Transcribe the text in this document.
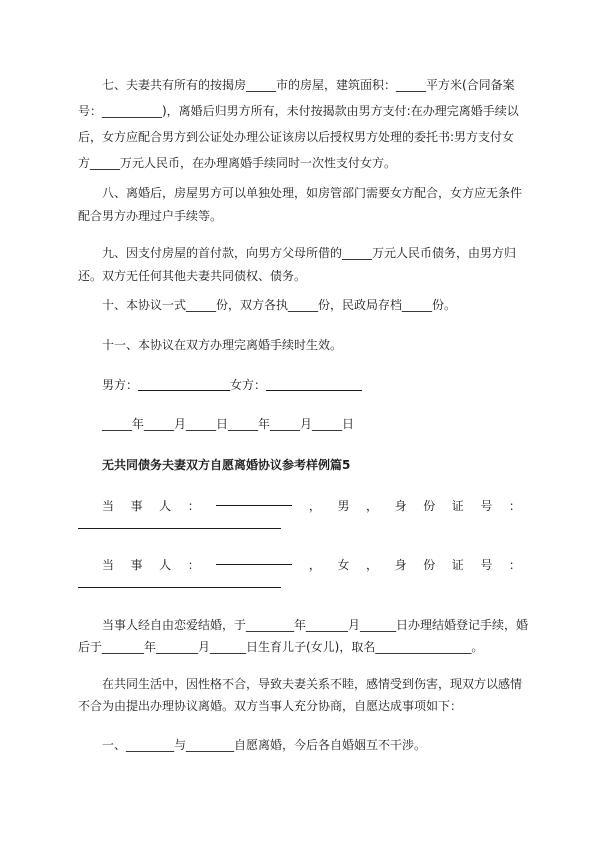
七、夫妻共有所有的按揭房_____市的房屋，建筑面积：_____平方米(合同备案

号：__________)，离婚后归男方所有，未付按揭款由男方支付:在办理完离婚手续以

后，女方应配合男方到公证处办理公证该房以后授权男方处理的委托书:男方支付女

方_____万元人民币，在办理离婚手续同时一次性支付女方。

八、离婚后，房屋男方可以单独处理，如房管部门需要女方配合，女方应无条件

配合男方办理过户手续等。

九、因支付房屋的首付款，向男方父母所借的_____万元人民币债务，由男方归

还。双方无任何其他夫妻共同债权、债务。

十、本协议一式_____份，双方各执_____份，民政局存档_____份。

十一、本协议在双方办理完离婚手续时生效。

男方：	女方：

_____年_____月_____日_____年_____月_____日

无共同债务夫妻双方自愿离婚协议参考样例篇5

当 事 人 ：	， 男 ， 身 份 证 号 ：
当 事 人 ：	， 女 ， 身 份 证 号 ：

当事人经自由恋爱结婚，于________年_______月______日办理结婚登记手续，婚

后于_______年_______月______日生育儿子(女儿)，取名________________。

在共同生活中，因性格不合，导致夫妻关系不睦，感情受到伤害，现双方以感情

不合为由提出办理协议离婚。双方当事人充分协商，自愿达成事项如下：

一、________与________自愿离婚，今后各自婚姻互不干涉。
